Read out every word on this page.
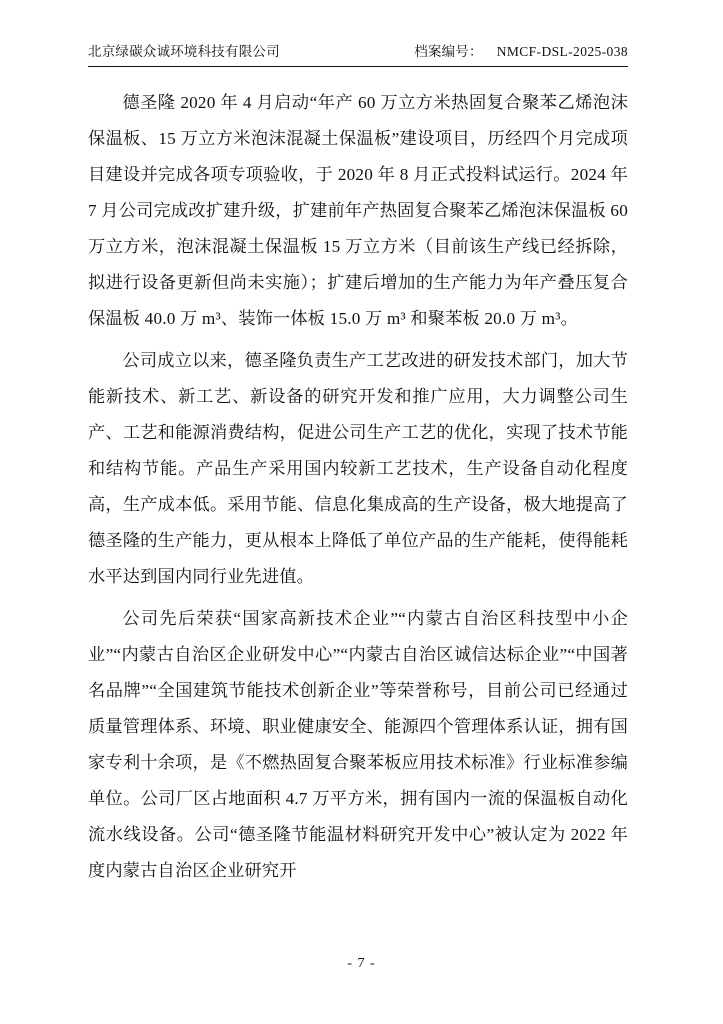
北京绿碳众诚环境科技有限公司	档案编号： NMCF-DSL-2025-038

德圣隆 2020 年 4 月启动“年产 60 万立方米热固复合聚苯乙烯泡沫保温板、15 万立方米泡沫混凝土保温板”建设项目，历经四个月完成项目建设并完成各项专项验收，于 2020 年 8 月正式投料试运行。2024 年 7 月公司完成改扩建升级，扩建前年产热固复合聚苯乙烯泡沫保温板 60 万立方米，泡沫混凝土保温板 15 万立方米（目前该生产线已经拆除，拟进行设备更新但尚未实施）；扩建后增加的生产能力为年产叠压复合保温板 40.0 万 m³、装饰一体板 15.0 万 m³ 和聚苯板 20.0 万 m³。

公司成立以来，德圣隆负责生产工艺改进的研发技术部门，加大节能新技术、新工艺、新设备的研究开发和推广应用，大力调整公司生产、工艺和能源消费结构，促进公司生产工艺的优化，实现了技术节能和结构节能。产品生产采用国内较新工艺技术，生产设备自动化程度高，生产成本低。采用节能、信息化集成高的生产设备，极大地提高了德圣隆的生产能力，更从根本上降低了单位产品的生产能耗，使得能耗水平达到国内同行业先进值。

公司先后荣获“国家高新技术企业”“内蒙古自治区科技型中小企业”“内蒙古自治区企业研发中心”“内蒙古自治区诚信达标企业”“中国著名品牌”“全国建筑节能技术创新企业”等荣誉称号，目前公司已经通过质量管理体系、环境、职业健康安全、能源四个管理体系认证，拥有国家专利十余项，是《不燃热固复合聚苯板应用技术标准》行业标准参编单位。公司厂区占地面积 4.7 万平方米，拥有国内一流的保温板自动化流水线设备。公司“德圣隆节能温材料研究开发中心”被认定为 2022 年度内蒙古自治区企业研究开

- 7 -
